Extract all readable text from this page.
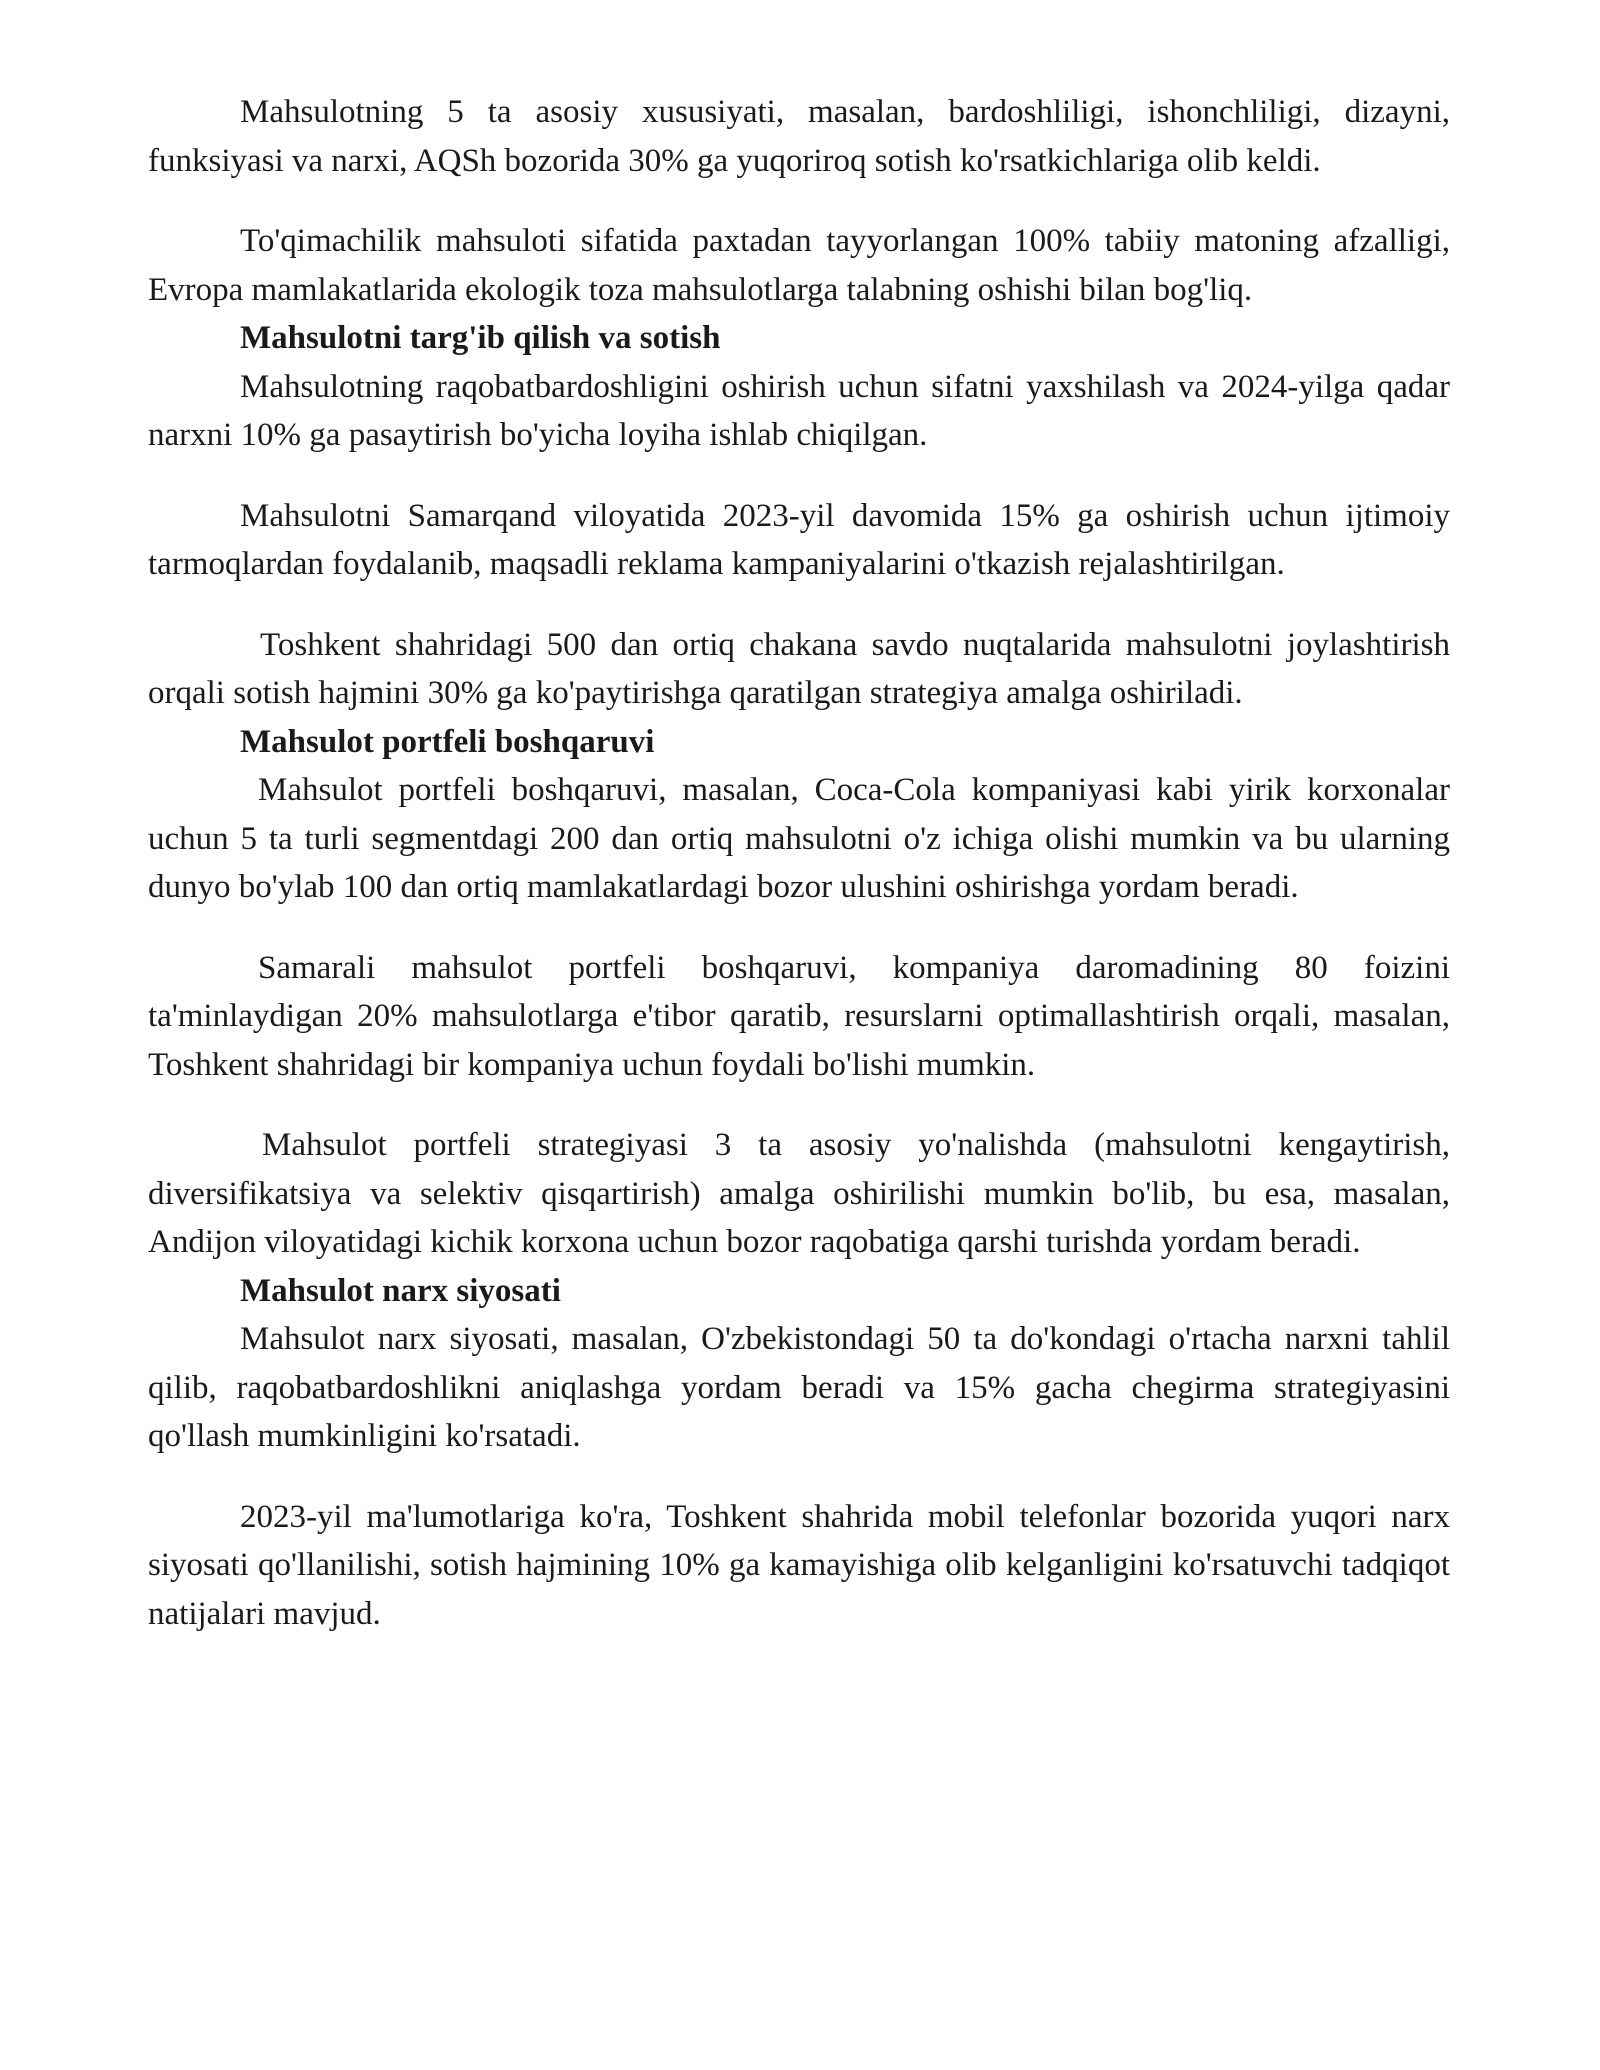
Mahsulotning 5 ta asosiy xususiyati, masalan, bardoshliligi, ishonchliligi, dizayni, funksiyasi va narxi, AQSh bozorida 30% ga yuqoriroq sotish ko'rsatkichlariga olib keldi.

To'qimachilik mahsuloti sifatida paxtadan tayyorlangan 100% tabiiy matoning afzalligi, Evropa mamlakatlarida ekologik toza mahsulotlarga talabning oshishi bilan bog'liq.

Mahsulotni targ'ib qilish va sotish

Mahsulotning raqobatbardoshligini oshirish uchun sifatni yaxshilash va 2024-yilga qadar narxni 10% ga pasaytirish bo'yicha loyiha ishlab chiqilgan.

Mahsulotni Samarqand viloyatida 2023-yil davomida 15% ga oshirish uchun ijtimoiy tarmoqlardan foydalanib, maqsadli reklama kampaniyalarini o'tkazish rejalashtirilgan.

Toshkent shahridagi 500 dan ortiq chakana savdo nuqtalarida mahsulotni joylashtirish orqali sotish hajmini 30% ga ko'paytirishga qaratilgan strategiya amalga oshiriladi.

Mahsulot portfeli boshqaruvi

Mahsulot portfeli boshqaruvi, masalan, Coca-Cola kompaniyasi kabi yirik korxonalar uchun 5 ta turli segmentdagi 200 dan ortiq mahsulotni o'z ichiga olishi mumkin va bu ularning dunyo bo'ylab 100 dan ortiq mamlakatlardagi bozor ulushini oshirishga yordam beradi.

Samarali mahsulot portfeli boshqaruvi, kompaniya daromadining 80 foizini ta'minlaydigan 20% mahsulotlarga e'tibor qaratib, resurslarni optimallashtirish orqali, masalan, Toshkent shahridagi bir kompaniya uchun foydali bo'lishi mumkin.

Mahsulot portfeli strategiyasi 3 ta asosiy yo'nalishda (mahsulotni kengaytirish, diversifikatsiya va selektiv qisqartirish) amalga oshirilishi mumkin bo'lib, bu esa, masalan, Andijon viloyatidagi kichik korxona uchun bozor raqobatiga qarshi turishda yordam beradi.

Mahsulot narx siyosati

Mahsulot narx siyosati, masalan, O'zbekistondagi 50 ta do'kondagi o'rtacha narxni tahlil qilib, raqobatbardoshlikni aniqlashga yordam beradi va 15% gacha chegirma strategiyasini qo'llash mumkinligini ko'rsatadi.

2023-yil ma'lumotlariga ko'ra, Toshkent shahrida mobil telefonlar bozorida yuqori narx siyosati qo'llanilishi, sotish hajmining 10% ga kamayishiga olib kelganligini ko'rsatuvchi tadqiqot natijalari mavjud.
